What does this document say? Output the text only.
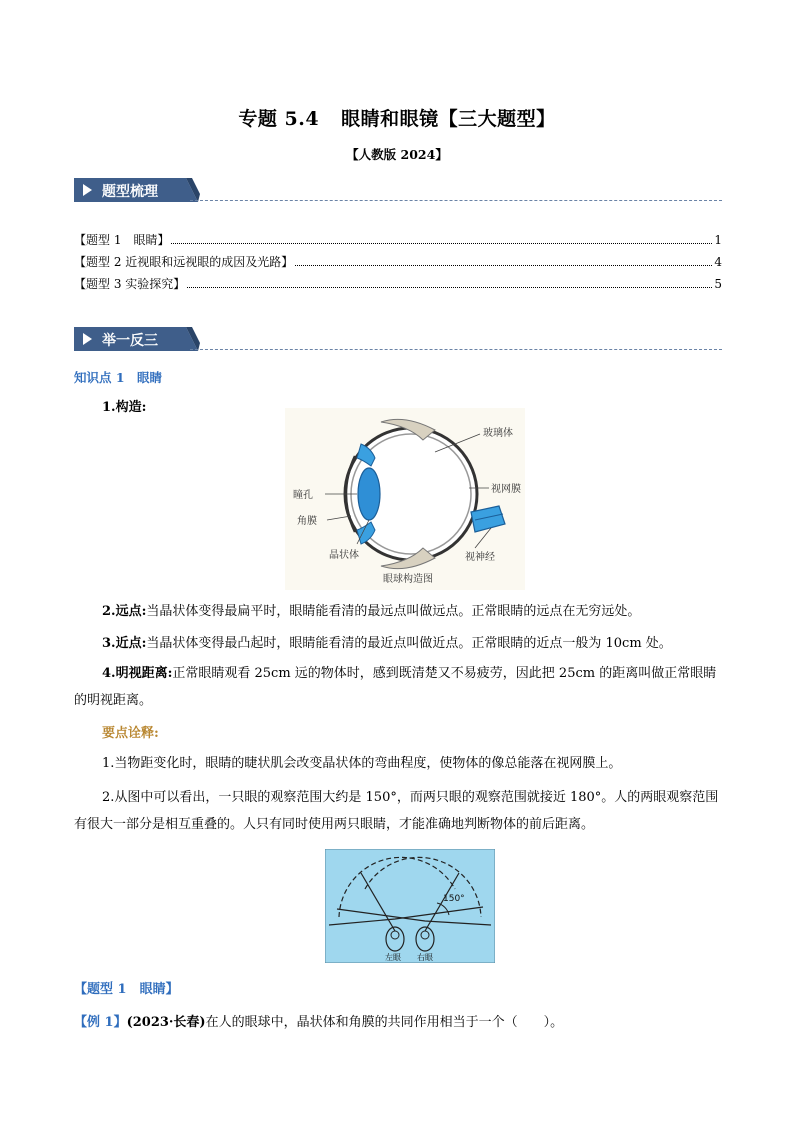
专题 5.4 眼睛和眼镜【三大题型】
【人教版 2024】
题型梳理
【题型 1　眼睛】	1
【题型 2 近视眼和远视眼的成因及光路】	4
【题型 3 实验探究】	5
举一反三
知识点 1　眼睛
1.构造:
玻璃体
视网膜
瞳孔
角膜
晶状体	视神经
眼球构造图
2.远点:当晶状体变得最扁平时，眼睛能看清的最远点叫做远点。正常眼睛的远点在无穷远处。
3.近点:当晶状体变得最凸起时，眼睛能看清的最近点叫做近点。正常眼睛的近点一般为 10cm 处。
4.明视距离:正常眼睛观看 25cm 远的物体时，感到既清楚又不易疲劳，因此把 25cm 的距离叫做正常眼睛的明视距离。
要点诠释:
1.当物距变化时，眼睛的睫状肌会改变晶状体的弯曲程度，使物体的像总能落在视网膜上。
2.从图中可以看出，一只眼的观察范围大约是 150°，而两只眼的观察范围就接近 180°。人的两眼观察范围有很大一部分是相互重叠的。人只有同时使用两只眼睛，才能准确地判断物体的前后距离。
150°
左眼 右眼
【题型 1　眼睛】
【例 1】(2023·长春)在人的眼球中，晶状体和角膜的共同作用相当于一个（　　）。
